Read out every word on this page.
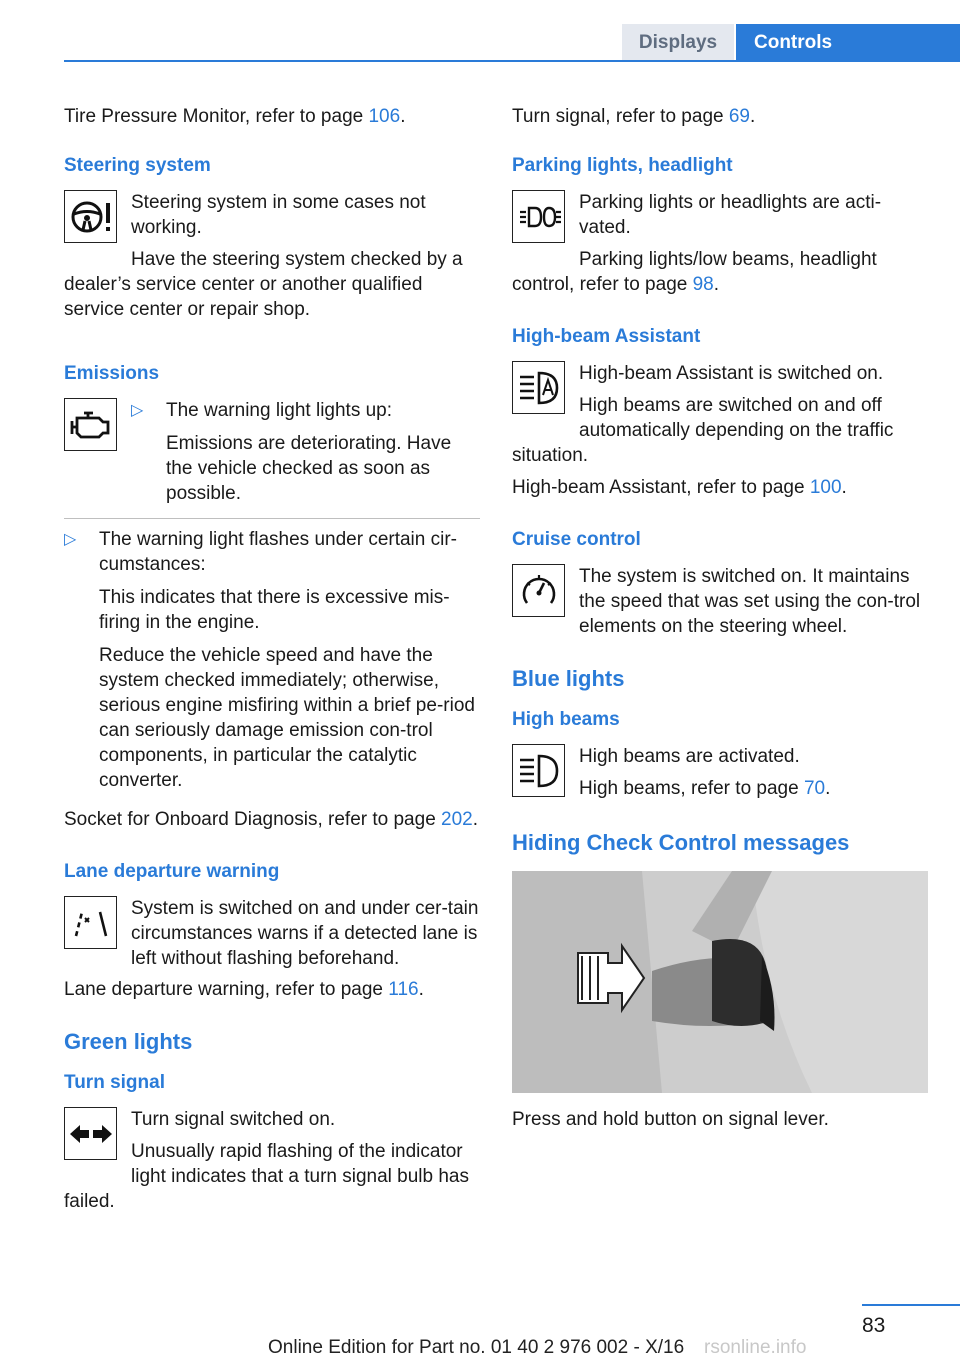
Displays	Controls

Tire Pressure Monitor, refer to page 106.

Steering system

Steering system in some cases not working.

Have the steering system checked by a dealer’s service center or another qualified service center or repair shop.

Emissions
▷ The warning light lights up:

Emissions are deteriorating. Have the vehicle checked as soon as possible.

▷ The warning light flashes under certain cir‐cumstances:

This indicates that there is excessive mis‐firing in the engine.

Reduce the vehicle speed and have the system checked immediately; otherwise, serious engine misfiring within a brief pe‐riod can seriously damage emission con‐trol components, in particular the catalytic converter.

Socket for Onboard Diagnosis, refer to page 202.

Lane departure warning

System is switched on and under cer‐tain circumstances warns if a detected lane is left without flashing beforehand.

Lane departure warning, refer to page 116.

Green lights
Turn signal

Turn signal switched on.

Unusually rapid flashing of the indicator light indicates that a turn signal bulb has failed.

Turn signal, refer to page 69.

Parking lights, headlight

Parking lights or headlights are acti‐vated.

Parking lights/low beams, headlight control, refer to page 98.

High-beam Assistant

High-beam Assistant is switched on.

High beams are switched on and off automatically depending on the traffic situation.

High-beam Assistant, refer to page 100.

Cruise control

The system is switched on. It maintains the speed that was set using the con‐trol elements on the steering wheel.

Blue lights
High beams

High beams are activated.

High beams, refer to page 70.

Hiding Check Control messages

Press and hold button on signal lever.

83
Online Edition for Part no. 01 40 2 976 002 - X/16 rsonline.info
